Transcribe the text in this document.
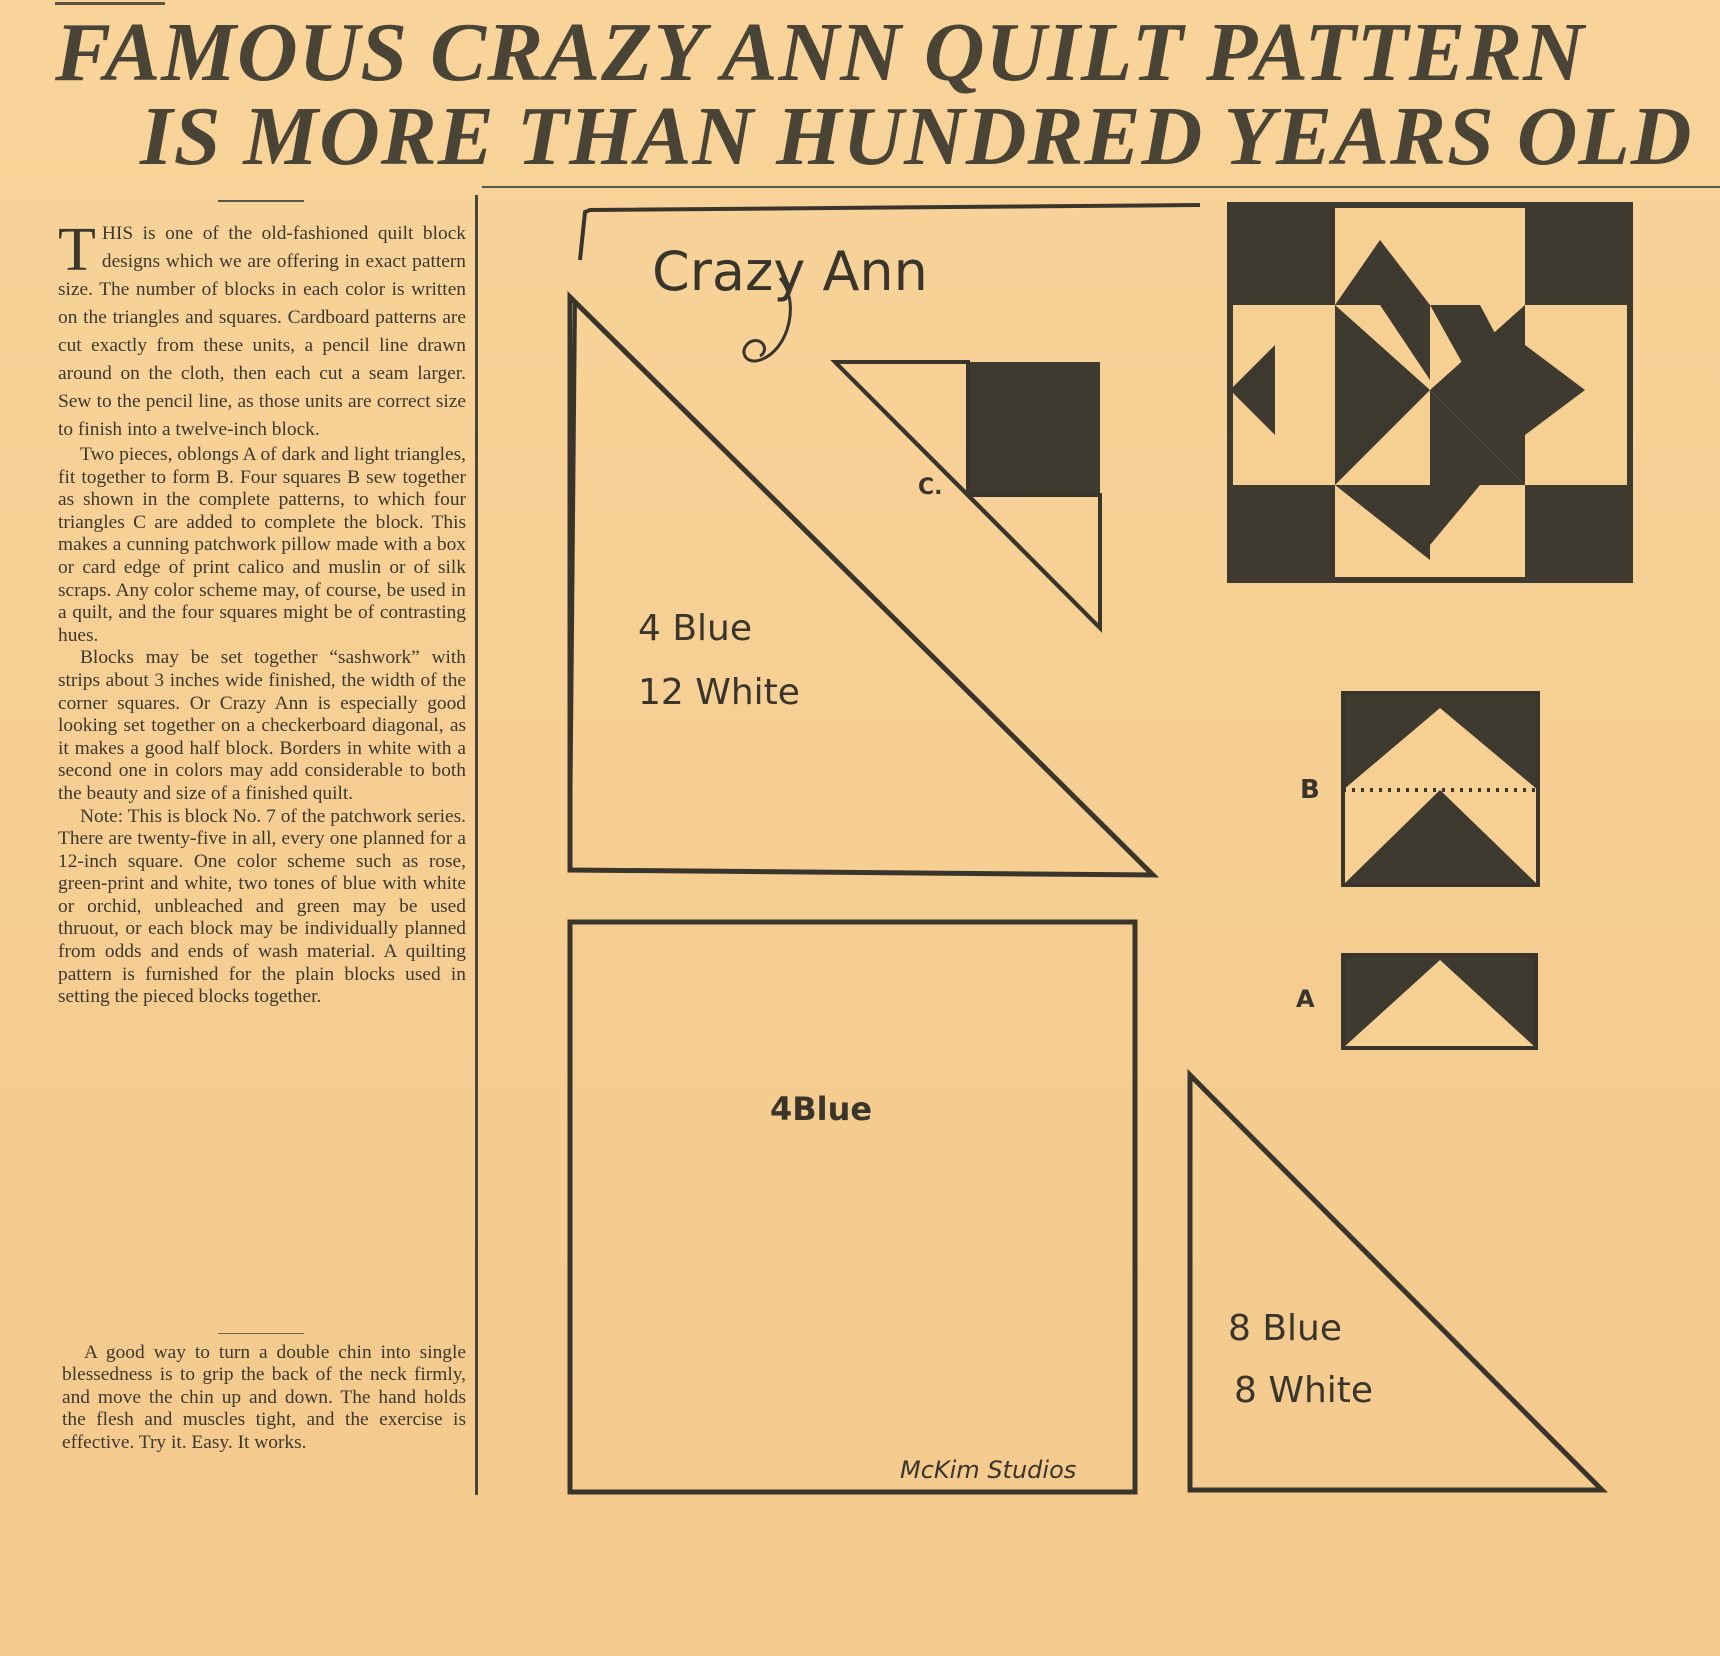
FAMOUS CRAZY ANN QUILT PATTERN
IS MORE THAN HUNDRED YEARS OLD

THIS is one of the old-fashioned quilt block designs which we are offering in exact pattern size. The number of blocks in each color is written on the triangles and squares. Cardboard patterns are cut exactly from these units, a pencil line drawn around on the cloth, then each cut a seam larger. Sew to the pencil line, as those units are correct size to finish into a twelve-inch block.

Two pieces, oblongs A of dark and light triangles, fit together to form B. Four squares B sew together as shown in the complete patterns, to which four triangles C are added to complete the block. This makes a cunning patchwork pillow made with a box or card edge of print calico and muslin or of silk scraps. Any color scheme may, of course, be used in a quilt, and the four squares might be of contrasting hues.

Blocks may be set together “sashwork” with strips about 3 inches wide finished, the width of the corner squares. Or Crazy Ann is especially good looking set together on a checkerboard diagonal, as it makes a good half block. Borders in white with a second one in colors may add considerable to both the beauty and size of a finished quilt.

Note: This is block No. 7 of the patchwork series. There are twenty-five in all, every one planned for a 12-inch square. One color scheme such as rose, green-print and white, two tones of blue with white or orchid, unbleached and green may be used thruout, or each block may be individually planned from odds and ends of wash material. A quilting pattern is furnished for the plain blocks used in setting the pieced blocks together.

A good way to turn a double chin into single blessedness is to grip the back of the neck firmly, and move the chin up and down. The hand holds the flesh and muscles tight, and the exercise is effective. Try it. Easy. It works.

Crazy Ann
4 Blue
12 White
C.
B
A
4Blue
8 Blue
8 White
McKim Studios
